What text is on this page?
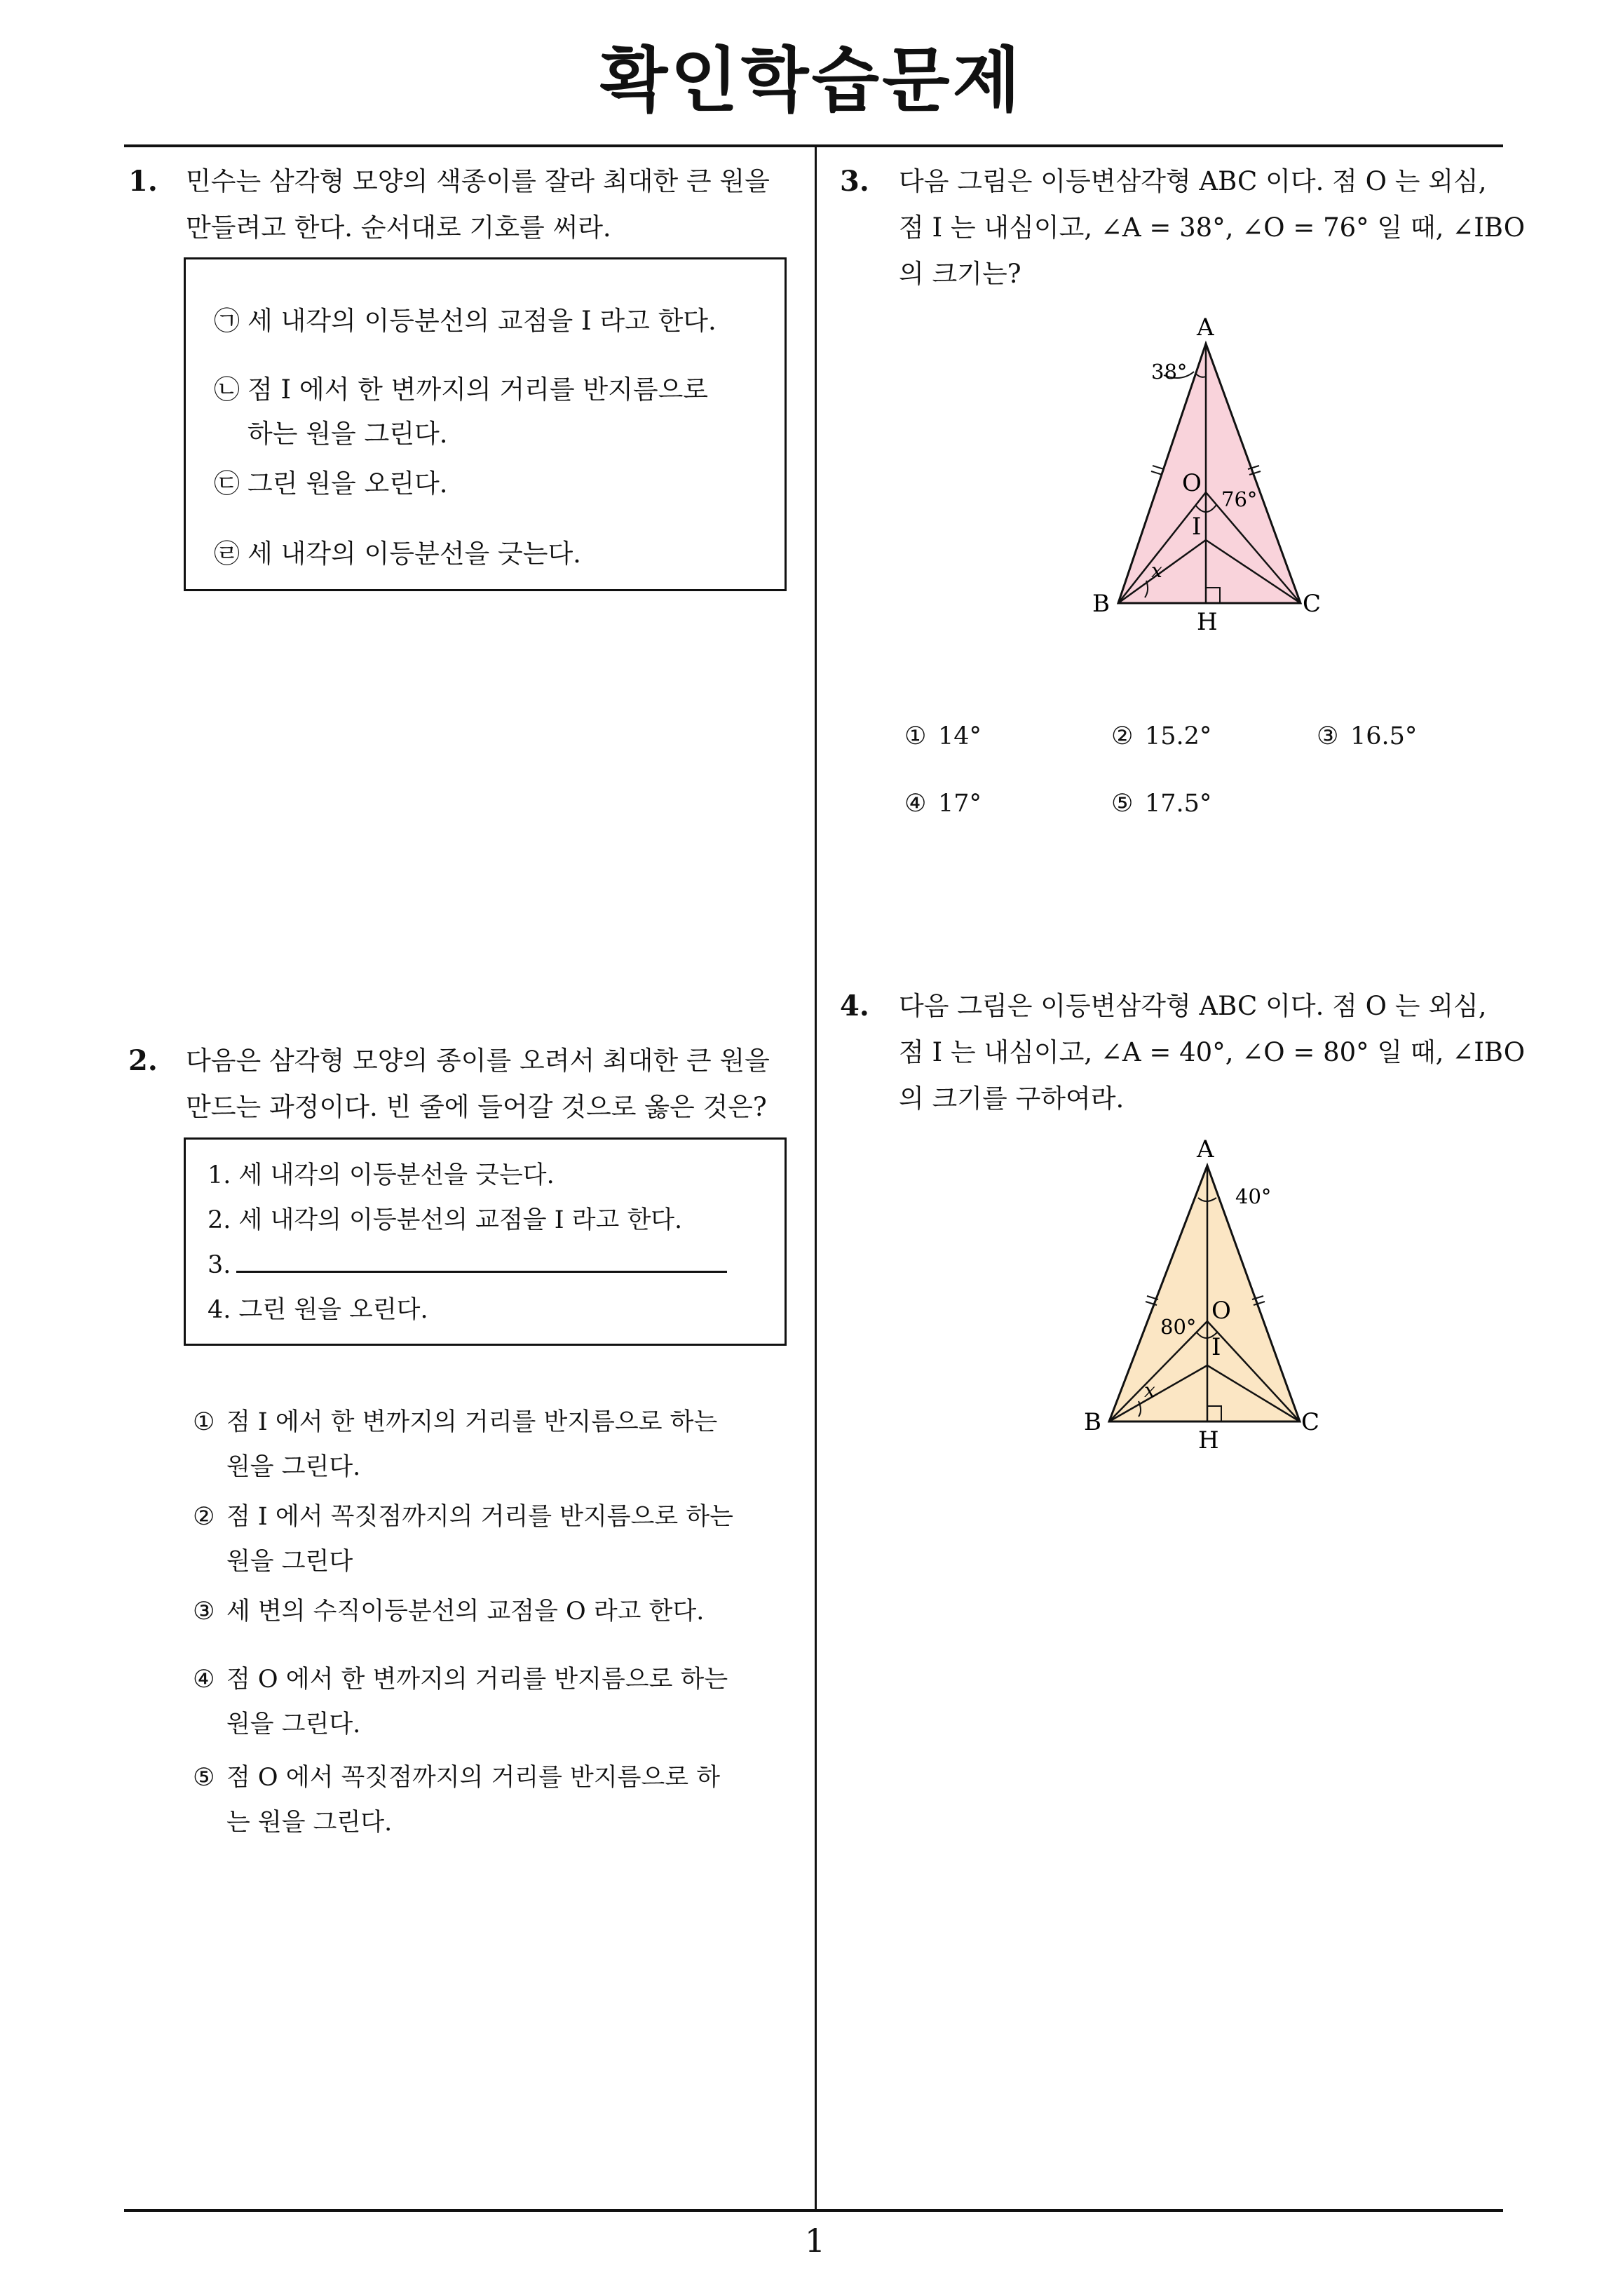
확인학습문제
1
1. 민수는 삼각형 모양의 색종이를 잘라 최대한 큰 원을
만들려고 한다. 순서대로 기호를 써라.
㉠ 세 내각의 이등분선의 교점을 I 라고 한다.
㉡ 점 I 에서 한 변까지의 거리를 반지름으로
하는 원을 그린다.
㉢ 그린 원을 오린다.
㉣ 세 내각의 이등분선을 긋는다.
2. 다음은 삼각형 모양의 종이를 오려서 최대한 큰 원을
만드는 과정이다. 빈 줄에 들어갈 것으로 옳은 것은?
1. 세 내각의 이등분선을 긋는다.
2. 세 내각의 이등분선의 교점을 I 라고 한다.
3.
4. 그린 원을 오린다.
① 점 I 에서 한 변까지의 거리를 반지름으로 하는
원을 그린다.
② 점 I 에서 꼭짓점까지의 거리를 반지름으로 하는
원을 그린다
③ 세 변의 수직이등분선의 교점을 O 라고 한다.
④ 점 O 에서 한 변까지의 거리를 반지름으로 하는
원을 그린다.
⑤ 점 O 에서 꼭짓점까지의 거리를 반지름으로 하
는 원을 그린다.
3. 다음 그림은 이등변삼각형 ABC 이다. 점 O 는 외심,
점 I 는 내심이고, ∠A = 38°, ∠O = 76° 일 때, ∠IBO
의 크기는?
A
B	C
H
O
I
38°
76°
x
① 14°	② 15.2°	③ 16.5°
④ 17°	⑤ 17.5°
4. 다음 그림은 이등변삼각형 ABC 이다. 점 O 는 외심,
점 I 는 내심이고, ∠A = 40°, ∠O = 80° 일 때, ∠IBO
의 크기를 구하여라.
A
B	C
H
O
I
40°
80°
x
